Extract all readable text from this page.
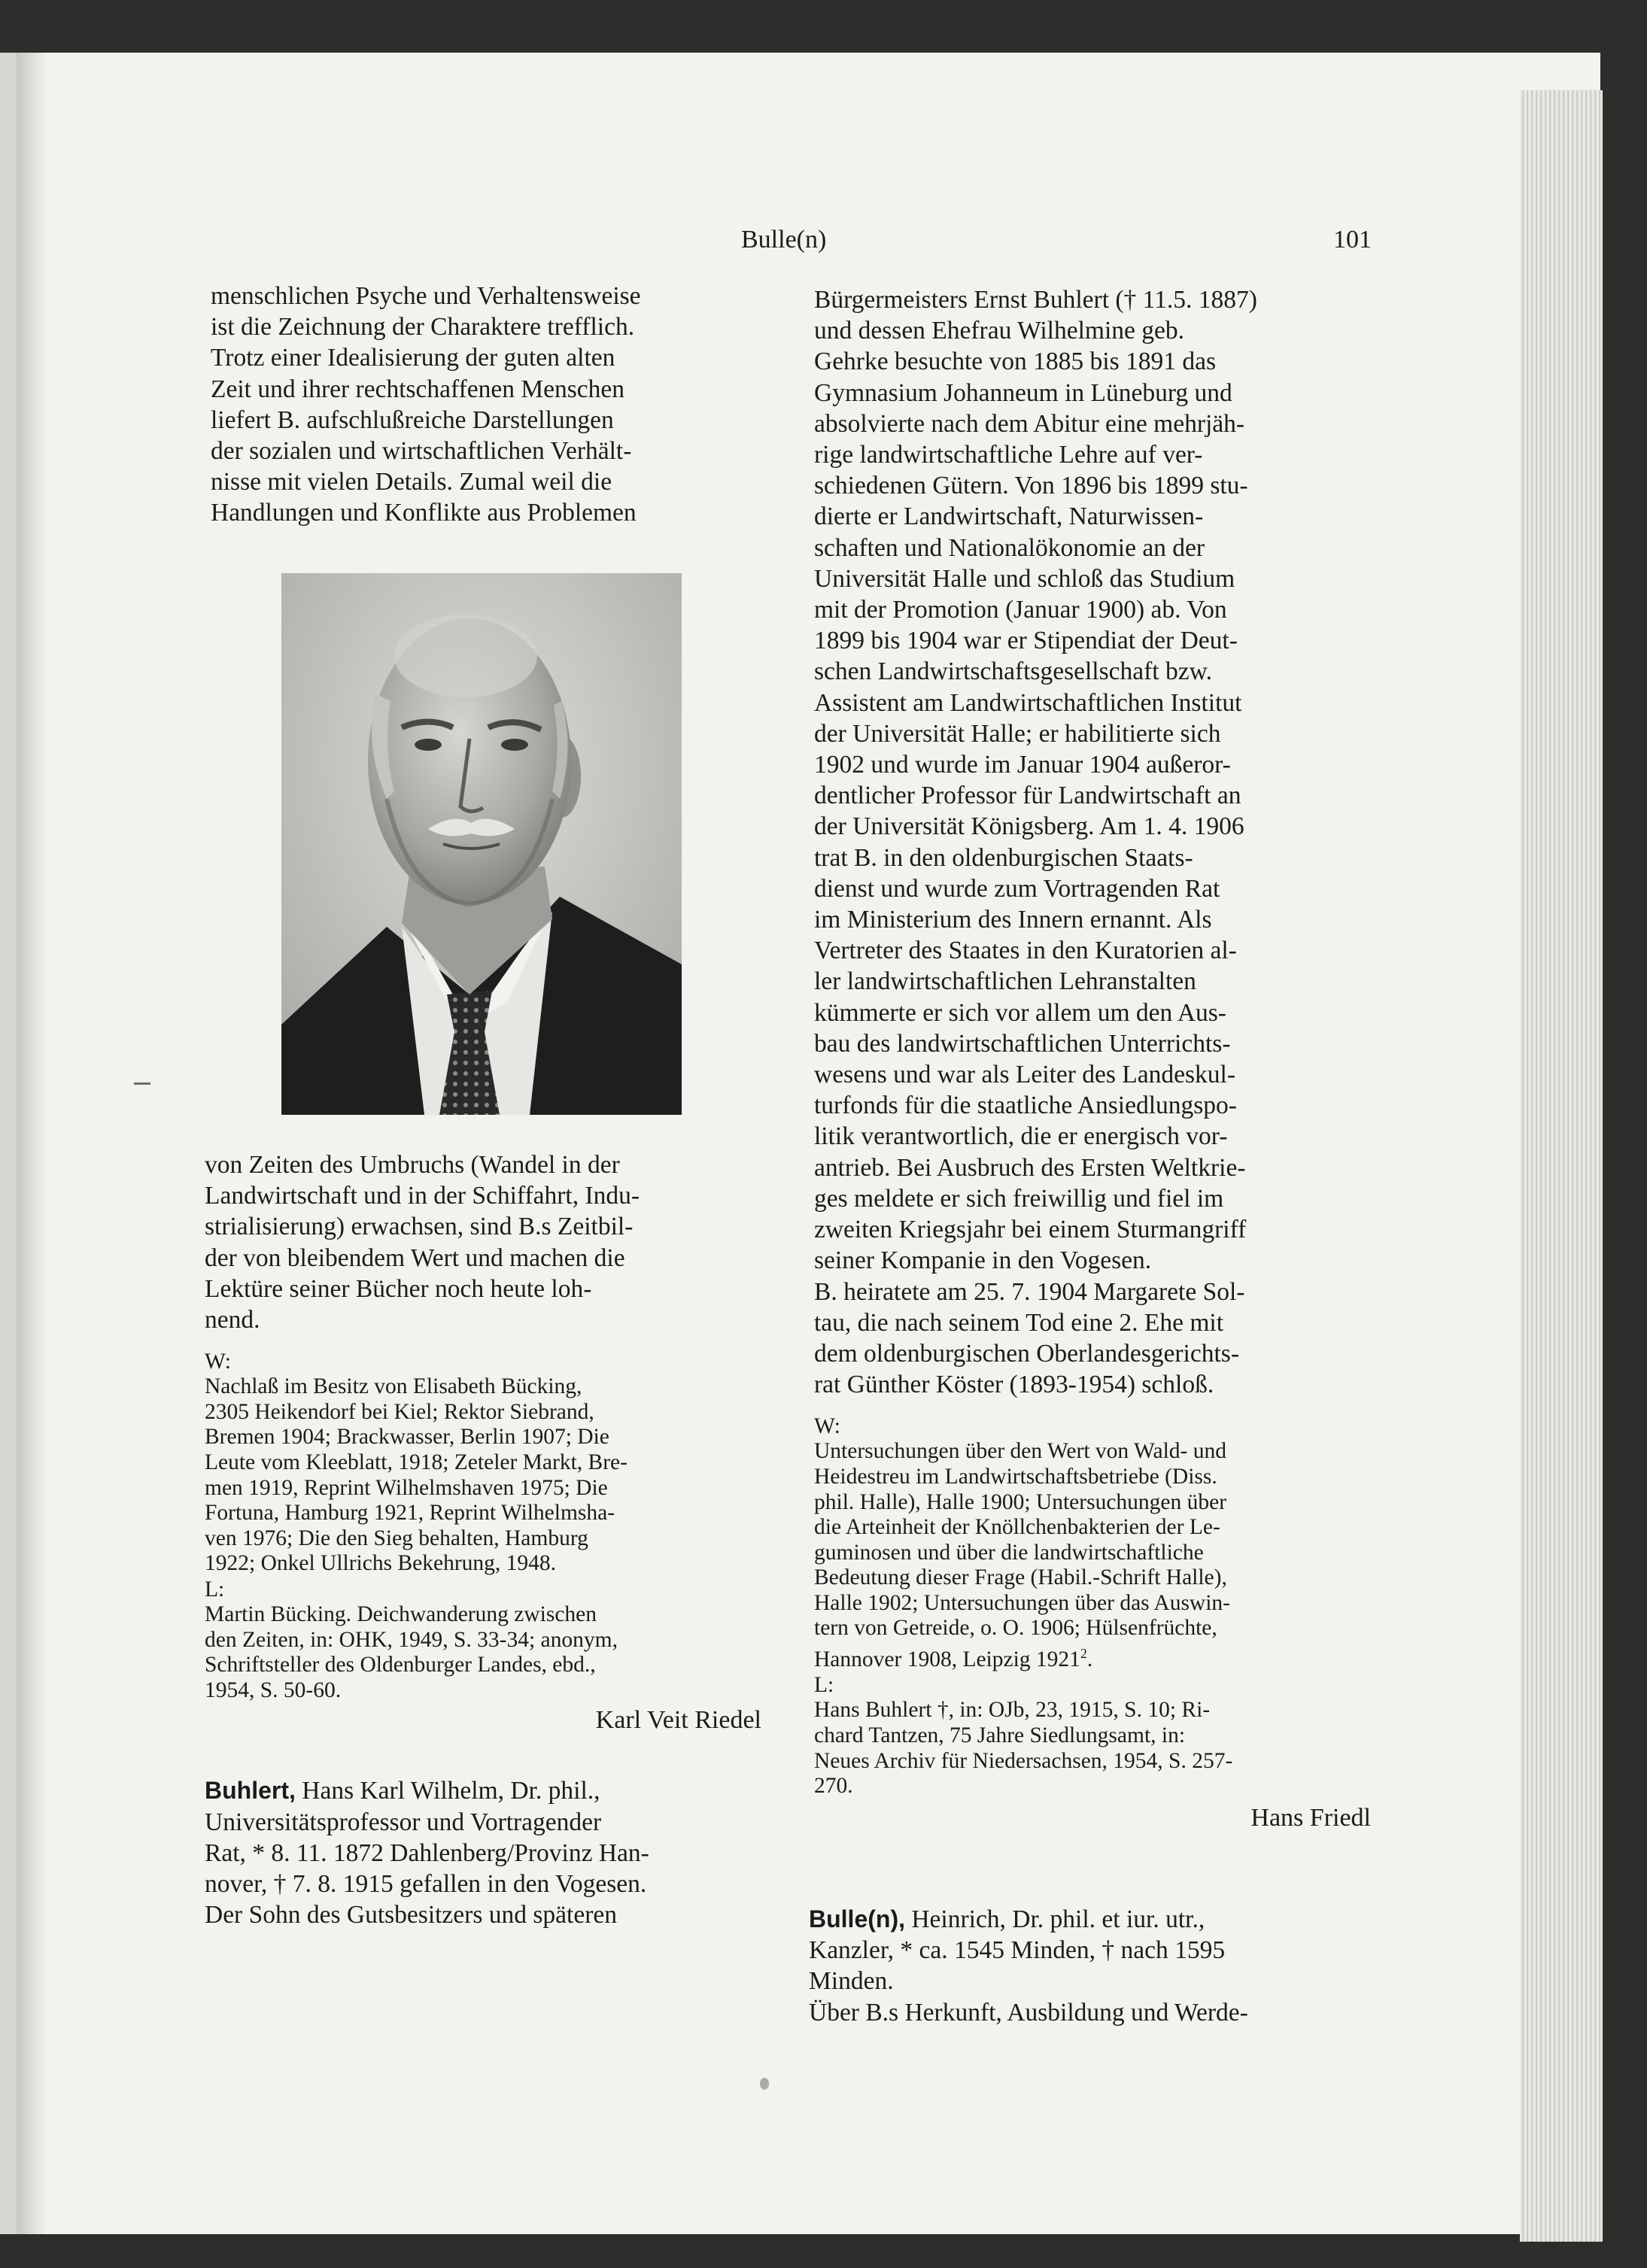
Bulle(n)	101

menschlichen Psyche und Verhaltensweise

ist die Zeichnung der Charaktere trefflich.

Trotz einer Idealisierung der guten alten

Zeit und ihrer rechtschaffenen Menschen

liefert B. aufschlußreiche Darstellungen

der sozialen und wirtschaftlichen Verhält-

nisse mit vielen Details. Zumal weil die

Handlungen und Konflikte aus Problemen

von Zeiten des Umbruchs (Wandel in der

Landwirtschaft und in der Schiffahrt, Indu-

strialisierung) erwachsen, sind B.s Zeitbil-

der von bleibendem Wert und machen die

Lektüre seiner Bücher noch heute loh-

nend.

W:

Nachlaß im Besitz von Elisabeth Bücking,

2305 Heikendorf bei Kiel; Rektor Siebrand,

Bremen 1904; Brackwasser, Berlin 1907; Die

Leute vom Kleeblatt, 1918; Zeteler Markt, Bre-

men 1919, Reprint Wilhelmshaven 1975; Die

Fortuna, Hamburg 1921, Reprint Wilhelmsha-

ven 1976; Die den Sieg behalten, Hamburg

1922; Onkel Ullrichs Bekehrung, 1948.

L:

Martin Bücking. Deichwanderung zwischen

den Zeiten, in: OHK, 1949, S. 33-34; anonym,

Schriftsteller des Oldenburger Landes, ebd.,

1954, S. 50-60.

Karl Veit Riedel

Buhlert, Hans Karl Wilhelm, Dr. phil.,

Universitätsprofessor und Vortragender

Rat, * 8. 11. 1872 Dahlenberg/Provinz Han-

nover, † 7. 8. 1915 gefallen in den Vogesen.

Der Sohn des Gutsbesitzers und späteren

Bürgermeisters Ernst Buhlert († 11.5. 1887)

und dessen Ehefrau Wilhelmine geb.

Gehrke besuchte von 1885 bis 1891 das

Gymnasium Johanneum in Lüneburg und

absolvierte nach dem Abitur eine mehrjäh-

rige landwirtschaftliche Lehre auf ver-

schiedenen Gütern. Von 1896 bis 1899 stu-

dierte er Landwirtschaft, Naturwissen-

schaften und Nationalökonomie an der

Universität Halle und schloß das Studium

mit der Promotion (Januar 1900) ab. Von

1899 bis 1904 war er Stipendiat der Deut-

schen Landwirtschaftsgesellschaft bzw.

Assistent am Landwirtschaftlichen Institut

der Universität Halle; er habilitierte sich

1902 und wurde im Januar 1904 außeror-

dentlicher Professor für Landwirtschaft an

der Universität Königsberg. Am 1. 4. 1906

trat B. in den oldenburgischen Staats-

dienst und wurde zum Vortragenden Rat

im Ministerium des Innern ernannt. Als

Vertreter des Staates in den Kuratorien al-

ler landwirtschaftlichen Lehranstalten

kümmerte er sich vor allem um den Aus-

bau des landwirtschaftlichen Unterrichts-

wesens und war als Leiter des Landeskul-

turfonds für die staatliche Ansiedlungspo-

litik verantwortlich, die er energisch vor-

antrieb. Bei Ausbruch des Ersten Weltkrie-

ges meldete er sich freiwillig und fiel im

zweiten Kriegsjahr bei einem Sturmangriff

seiner Kompanie in den Vogesen.

B. heiratete am 25. 7. 1904 Margarete Sol-

tau, die nach seinem Tod eine 2. Ehe mit

dem oldenburgischen Oberlandesgerichts-

rat Günther Köster (1893-1954) schloß.

W:

Untersuchungen über den Wert von Wald- und

Heidestreu im Landwirtschaftsbetriebe (Diss.

phil. Halle), Halle 1900; Untersuchungen über

die Arteinheit der Knöllchenbakterien der Le-

guminosen und über die landwirtschaftliche

Bedeutung dieser Frage (Habil.-Schrift Halle),

Halle 1902; Untersuchungen über das Auswin-

tern von Getreide, o. O. 1906; Hülsenfrüchte,

Hannover 1908, Leipzig 1921$^2$.

L:

Hans Buhlert †, in: OJb, 23, 1915, S. 10; Ri-

chard Tantzen, 75 Jahre Siedlungsamt, in:

Neues Archiv für Niedersachsen, 1954, S. 257-

270.

Hans Friedl

Bulle(n), Heinrich, Dr. phil. et iur. utr.,

Kanzler, * ca. 1545 Minden, † nach 1595

Minden.

Über B.s Herkunft, Ausbildung und Werde-
